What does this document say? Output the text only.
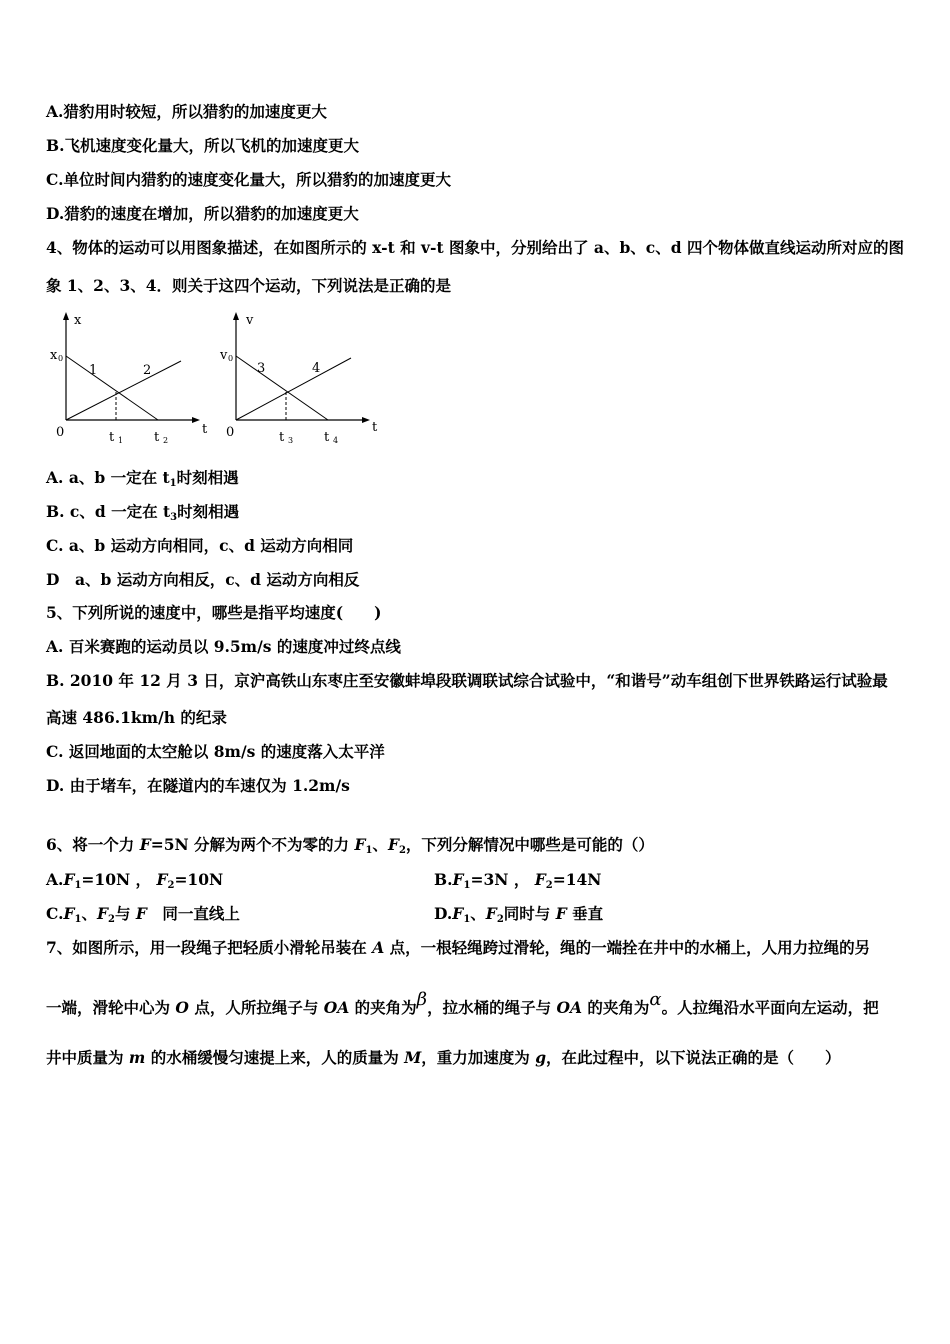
A.猎豹用时较短，所以猎豹的加速度更大
B.飞机速度变化量大，所以飞机的加速度更大
C.单位时间内猎豹的速度变化量大，所以猎豹的加速度更大
D.猎豹的速度在增加，所以猎豹的加速度更大
4、物体的运动可以用图象描述，在如图所示的 x-t 和 v-t 图象中，分别给出了 a、b、c、d 四个物体做直线运动所对应的图
象 1、2、3、4．则关于这四个运动，下列说法是正确的是
x
t
0
x 0
1	2
t 1 t 2
v
t
0
v 0
3	4
t 3 t 4
A. a、b 一定在 $t_1$时刻相遇
B. c、d 一定在 $t_3$时刻相遇
C. a、b 运动方向相同，c、d 运动方向相同
D　a、b 运动方向相反，c、d 运动方向相反
5、下列所说的速度中，哪些是指平均速度(　　)
A. 百米赛跑的运动员以 9.5m/s 的速度冲过终点线
B. 2010 年 12 月 3 日，京沪高铁山东枣庄至安徽蚌埠段联调联试综合试验中，“和谐号”动车组创下世界铁路运行试验最
高速 486.1km/h 的纪录
C. 返回地面的太空舱以 8m/s 的速度落入太平洋
D. 由于堵车，在隧道内的车速仅为 1.2m/s
6、将一个力 F=5N 分解为两个不为零的力 $F_1$、$F_2$，下列分解情况中哪些是可能的（）
$A.F_1=10N$ ， $F_2=10N$	$B.F_1=3N$ ， $F_2=14N$
$C.F_1$、$F_2$与 F　同一直线上	$D.F_1$、$F_2$同时与 F 垂直
7、如图所示，用一段绳子把轻质小滑轮吊装在 A 点，一根轻绳跨过滑轮，绳的一端拴在井中的水桶上，人用力拉绳的另
一端，滑轮中心为 O 点，人所拉绳子与 OA 的夹角为β，拉水桶的绳子与 OA 的夹角为α。人拉绳沿水平面向左运动，把
井中质量为 m 的水桶缓慢匀速提上来，人的质量为 M，重力加速度为 g，在此过程中，以下说法正确的是（　　）
